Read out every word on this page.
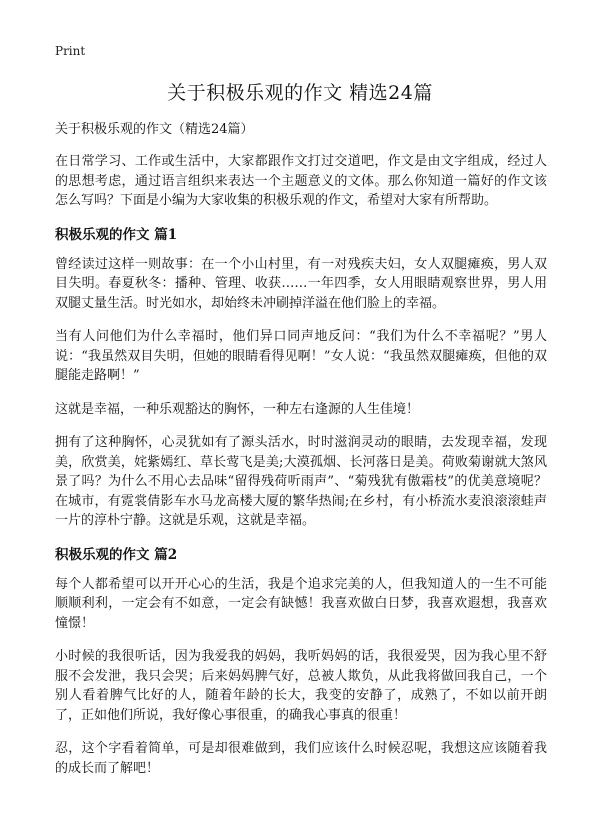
Print
关于积极乐观的作文 精选24篇

关于积极乐观的作文（精选24篇）

在日常学习、工作或生活中，大家都跟作文打过交道吧，作文是由文字组成，经过人的思想考虑，通过语言组织来表达一个主题意义的文体。那么你知道一篇好的作文该怎么写吗？下面是小编为大家收集的积极乐观的作文，希望对大家有所帮助。

积极乐观的作文 篇1

曾经读过这样一则故事：在一个小山村里，有一对残疾夫妇，女人双腿瘫痪，男人双目失明。春夏秋冬：播种、管理、收获……一年四季，女人用眼睛观察世界，男人用双腿丈量生活。时光如水，却始终未冲刷掉洋溢在他们脸上的幸福。

当有人问他们为什么幸福时，他们异口同声地反问：“我们为什么不幸福呢？”男人说：“我虽然双目失明，但她的眼睛看得见啊！”女人说：“我虽然双腿瘫痪，但他的双腿能走路啊！”

这就是幸福，一种乐观豁达的胸怀，一种左右逢源的人生佳境！

拥有了这种胸怀，心灵犹如有了源头活水，时时滋润灵动的眼睛，去发现幸福，发现美，欣赏美，姹紫嫣红、草长莺飞是美;大漠孤烟、长河落日是美。荷败菊谢就大煞风景了吗？为什么不用心去品味“留得残荷听雨声”、“菊残犹有傲霜枝”的优美意境呢？在城市，有霓裳倩影车水马龙高楼大厦的繁华热闹;在乡村，有小桥流水麦浪滚滚蛙声一片的淳朴宁静。这就是乐观，这就是幸福。

积极乐观的作文 篇2

每个人都希望可以开开心心的生活，我是个追求完美的人，但我知道人的一生不可能顺顺利利，一定会有不如意，一定会有缺憾！我喜欢做白日梦，我喜欢遐想，我喜欢憧憬！

小时候的我很听话，因为我爱我的妈妈，我听妈妈的话，我很爱哭，因为我心里不舒服不会发泄，我只会哭；后来妈妈脾气好，总被人欺负，从此我将做回我自己，一个别人看着脾气比好的人，随着年龄的长大，我变的安静了，成熟了，不如以前开朗了，正如他们所说，我好像心事很重，的确我心事真的很重！

忍，这个字看着简单，可是却很难做到，我们应该什么时候忍呢，我想这应该随着我的成长而了解吧！
